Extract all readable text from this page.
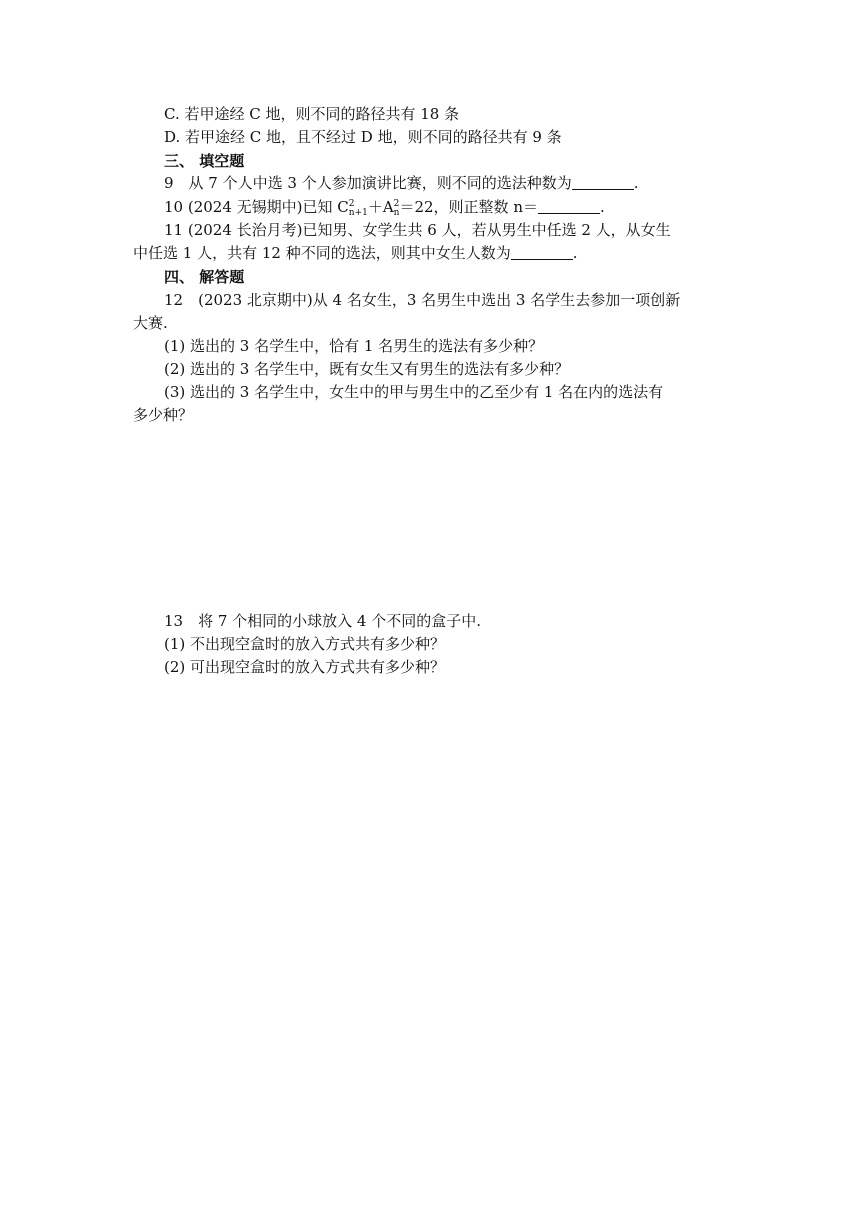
C. 若甲途经 C 地，则不同的路径共有 18 条
D. 若甲途经 C 地，且不经过 D 地，则不同的路径共有 9 条
三、 填空题
9　从 7 个人中选 3 个人参加演讲比赛，则不同的选法种数为	.
10 (2024 无锡期中)已知 C 2
n+1 ＋A 2
n ＝22，则正整数 n＝	.
11 (2024 长治月考)已知男、女学生共 6 人，若从男生中任选 2 人，从女生
中任选 1 人，共有 12 种不同的选法，则其中女生人数为	.
四、 解答题
12　(2023 北京期中)从 4 名女生，3 名男生中选出 3 名学生去参加一项创新
大赛.
(1) 选出的 3 名学生中，恰有 1 名男生的选法有多少种？
(2) 选出的 3 名学生中，既有女生又有男生的选法有多少种？
(3) 选出的 3 名学生中，女生中的甲与男生中的乙至少有 1 名在内的选法有
多少种？
13　将 7 个相同的小球放入 4 个不同的盒子中.
(1) 不出现空盒时的放入方式共有多少种？
(2) 可出现空盒时的放入方式共有多少种？
